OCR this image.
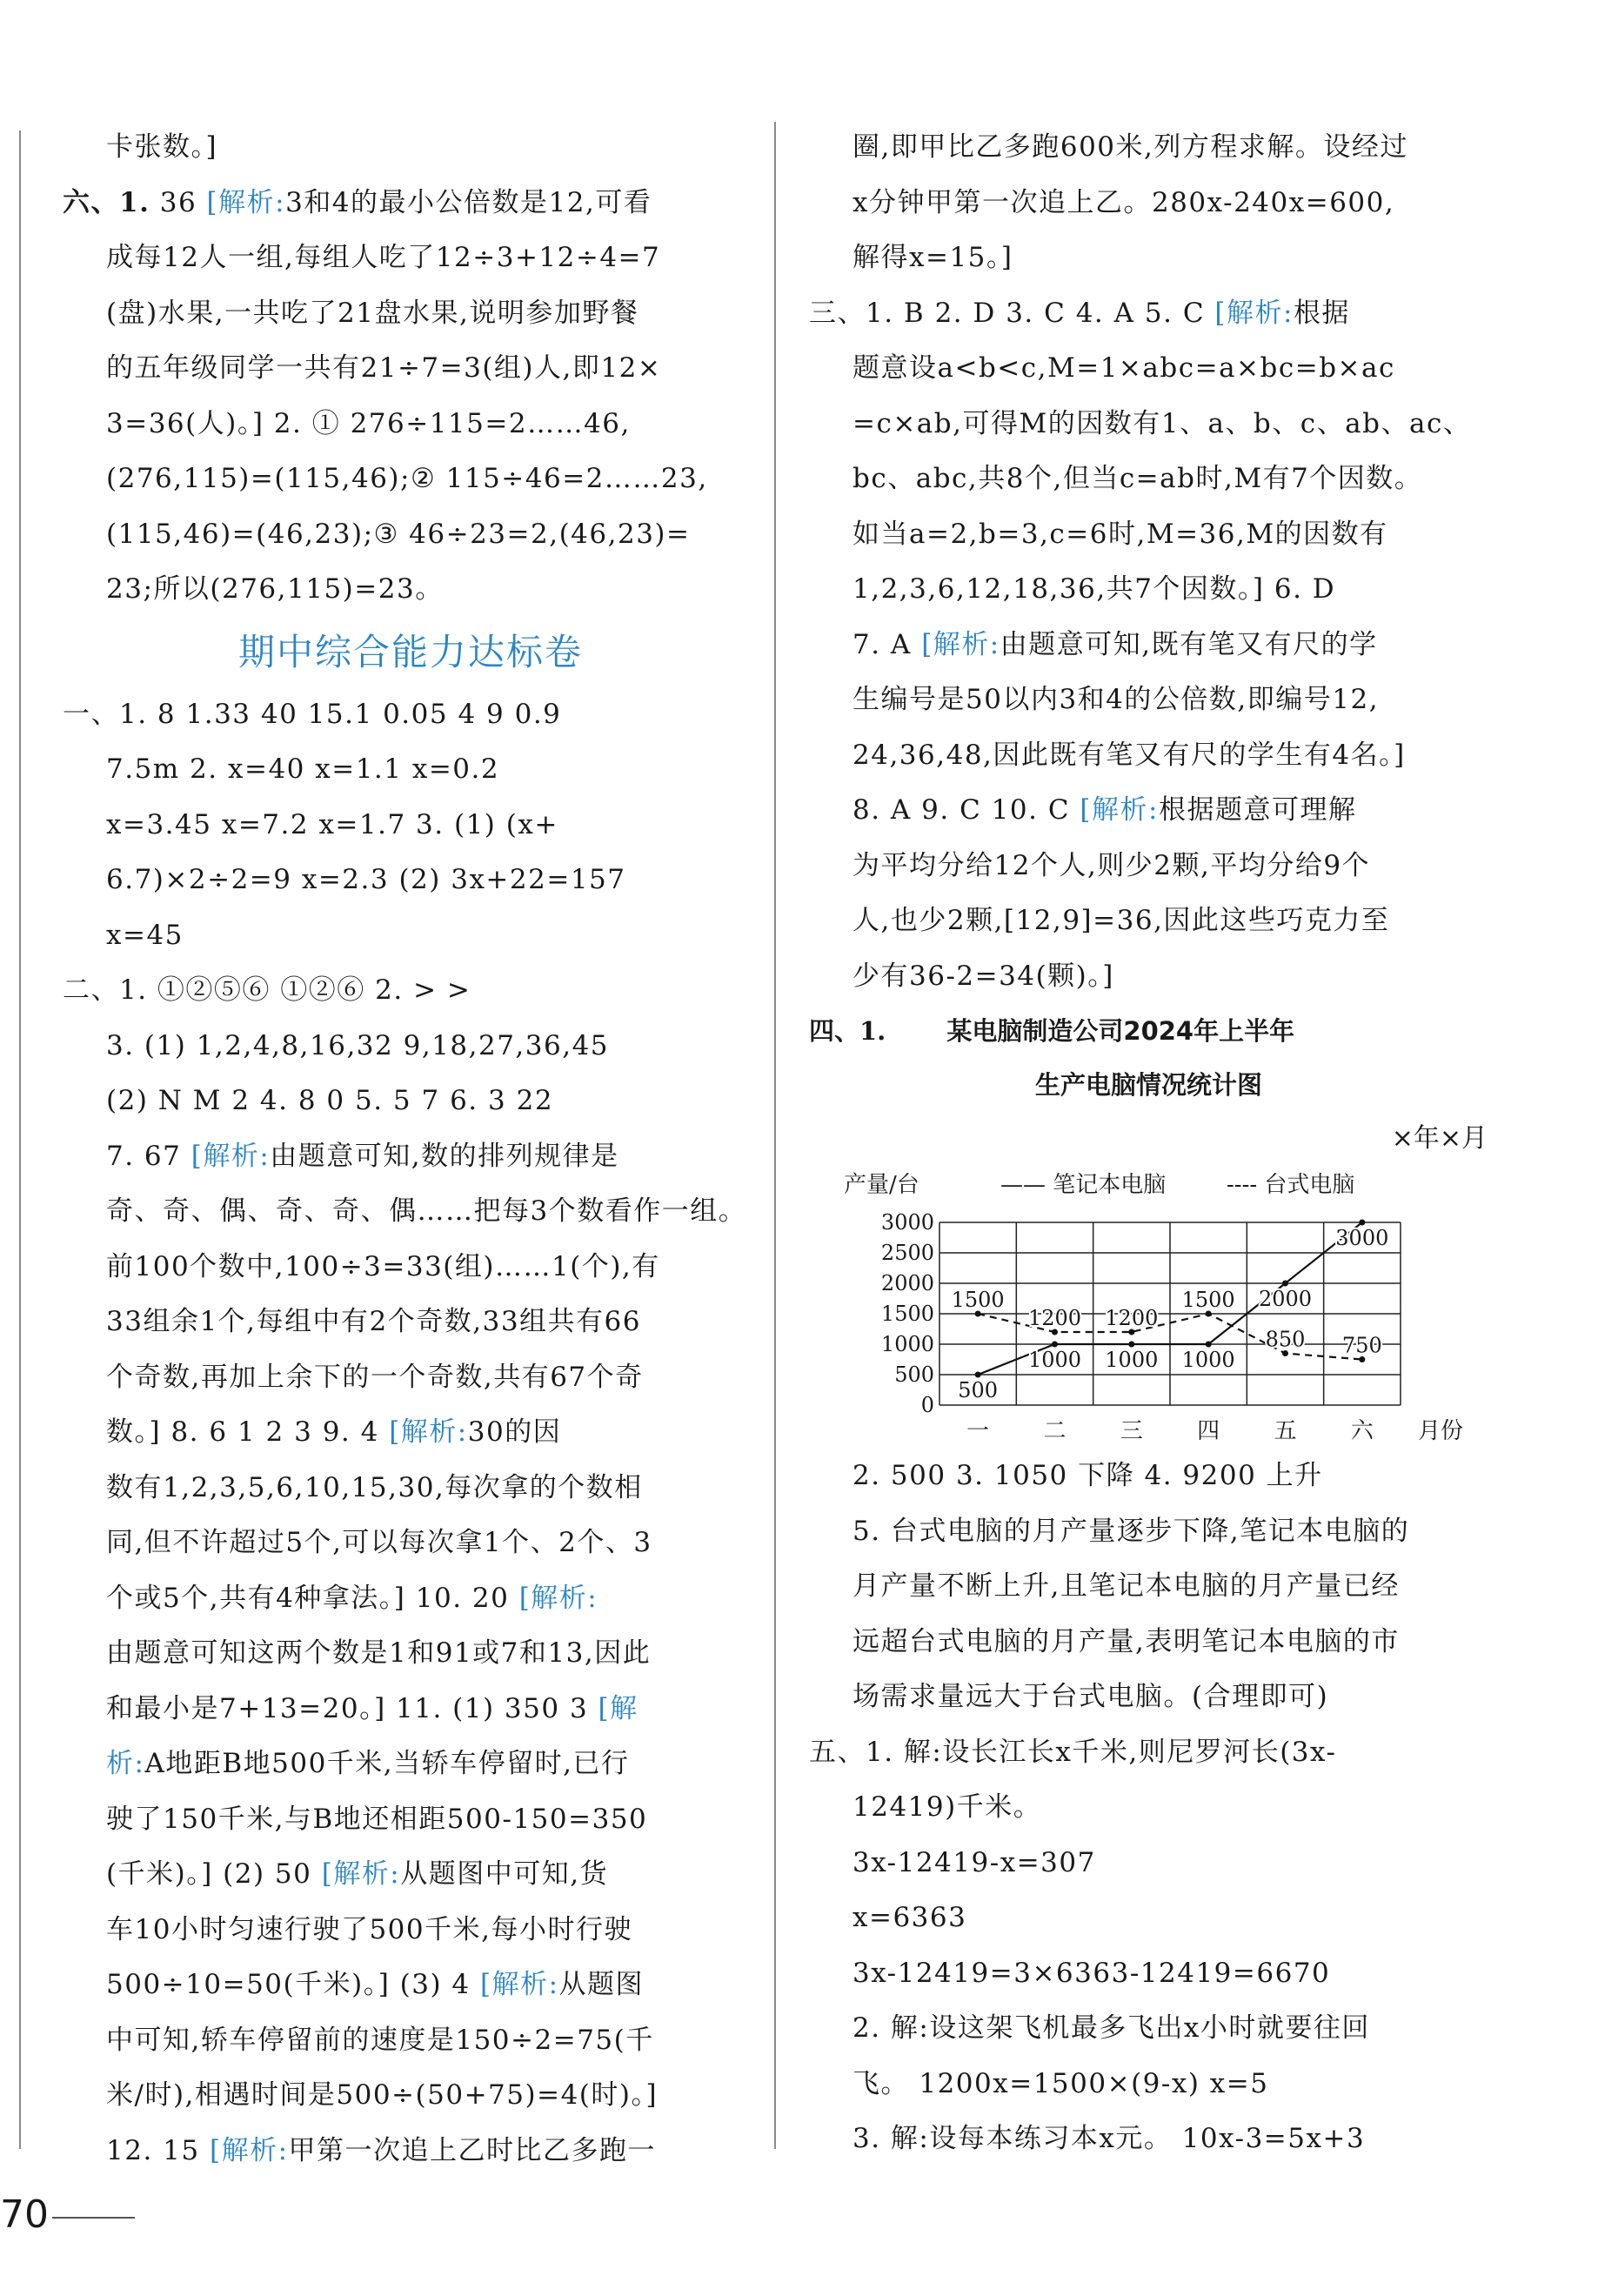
卡张数。]
六、1. 36 [解析:3和4的最小公倍数是12,可看
成每12人一组,每组人吃了12÷3+12÷4=7
(盘)水果,一共吃了21盘水果,说明参加野餐
的五年级同学一共有21÷7=3(组)人,即12×
3=36(人)。] 2. ① 276÷115=2……46,
(276,115)=(115,46);② 115÷46=2……23,
(115,46)=(46,23);③ 46÷23=2,(46,23)=
23;所以(276,115)=23。
期中综合能力达标卷
一、1. 8 1.33 40 15.1 0.05 4 9 0.9
7.5m 2. x=40 x=1.1 x=0.2
x=3.45 x=7.2 x=1.7 3. (1) (x+
6.7)×2÷2=9 x=2.3 (2) 3x+22=157
x=45
二、1. ①②⑤⑥ ①②⑥ 2. > >
3. (1) 1,2,4,8,16,32 9,18,27,36,45
(2) N M 2 4. 8 0 5. 5 7 6. 3 22
7. 67 [解析:由题意可知,数的排列规律是
奇、奇、偶、奇、奇、偶……把每3个数看作一组。
前100个数中,100÷3=33(组)……1(个),有
33组余1个,每组中有2个奇数,33组共有66
个奇数,再加上余下的一个奇数,共有67个奇
数。] 8. 6 1 2 3 9. 4 [解析:30的因
数有1,2,3,5,6,10,15,30,每次拿的个数相
同,但不许超过5个,可以每次拿1个、2个、3
个或5个,共有4种拿法。] 10. 20 [解析:
由题意可知这两个数是1和91或7和13,因此
和最小是7+13=20。] 11. (1) 350 3 [解
析:A地距B地500千米,当轿车停留时,已行
驶了150千米,与B地还相距500-150=350
(千米)。] (2) 50 [解析:从题图中可知,货
车10小时匀速行驶了500千米,每小时行驶
500÷10=50(千米)。] (3) 4 [解析:从题图
中可知,轿车停留前的速度是150÷2=75(千
米/时),相遇时间是500÷(50+75)=4(时)。]
12. 15 [解析:甲第一次追上乙时比乙多跑一
圈,即甲比乙多跑600米,列方程求解。设经过
x分钟甲第一次追上乙。280x-240x=600,
解得x=15。]
三、1. B 2. D 3. C 4. A 5. C [解析:根据
题意设a<b<c,M=1×abc=a×bc=b×ac
=c×ab,可得M的因数有1、a、b、c、ab、ac、
bc、abc,共8个,但当c=ab时,M有7个因数。
如当a=2,b=3,c=6时,M=36,M的因数有
1,2,3,6,12,18,36,共7个因数。] 6. D
7. A [解析:由题意可知,既有笔又有尺的学
生编号是50以内3和4的公倍数,即编号12,
24,36,48,因此既有笔又有尺的学生有4名。]
8. A 9. C 10. C [解析:根据题意可理解
为平均分给12个人,则少2颗,平均分给9个
人,也少2颗,[12,9]=36,因此这些巧克力至
少有36-2=34(颗)。]
四、1. 某电脑制造公司2024年上半年
生产电脑情况统计图
×年×月
0
500
1000
1500
2000
2500
3000
一 二 三 四 五 六 月份
产量/台	—— 笔记本电脑	---- 台式电脑
500
1000 1000 1000
2000
3000
1500
1200 1200
1500
850 750
2. 500 3. 1050 下降 4. 9200 上升
5. 台式电脑的月产量逐步下降,笔记本电脑的
月产量不断上升,且笔记本电脑的月产量已经
远超台式电脑的月产量,表明笔记本电脑的市
场需求量远大于台式电脑。(合理即可)
五、1. 解:设长江长x千米,则尼罗河长(3x-
12419)千米。
3x-12419-x=307
x=6363
3x-12419=3×6363-12419=6670
2. 解:设这架飞机最多飞出x小时就要往回
飞。 1200x=1500×(9-x) x=5
3. 解:设每本练习本x元。 10x-3=5x+3
70
